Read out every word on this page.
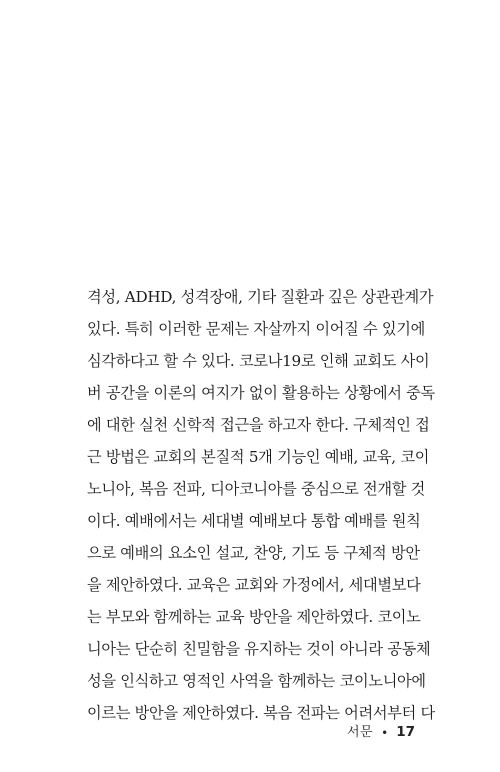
격성, ADHD, 성격장애, 기타 질환과 깊은 상관관계가
있다. 특히 이러한 문제는 자살까지 이어질 수 있기에
심각하다고 할 수 있다. 코로나19로 인해 교회도 사이
버 공간을 이론의 여지가 없이 활용하는 상황에서 중독
에 대한 실천 신학적 접근을 하고자 한다. 구체적인 접
근 방법은 교회의 본질적 5개 기능인 예배, 교육, 코이
노니아, 복음 전파, 디아코니아를 중심으로 전개할 것
이다. 예배에서는 세대별 예배보다 통합 예배를 원칙
으로 예배의 요소인 설교, 찬양, 기도 등 구체적 방안
을 제안하였다. 교육은 교회와 가정에서, 세대별보다
는 부모와 함께하는 교육 방안을 제안하였다. 코이노
니아는 단순히 친밀함을 유지하는 것이 아니라 공동체
성을 인식하고 영적인 사역을 함께하는 코이노니아에
이르는 방안을 제안하였다. 복음 전파는 어려서부터 다
서문 • 17
